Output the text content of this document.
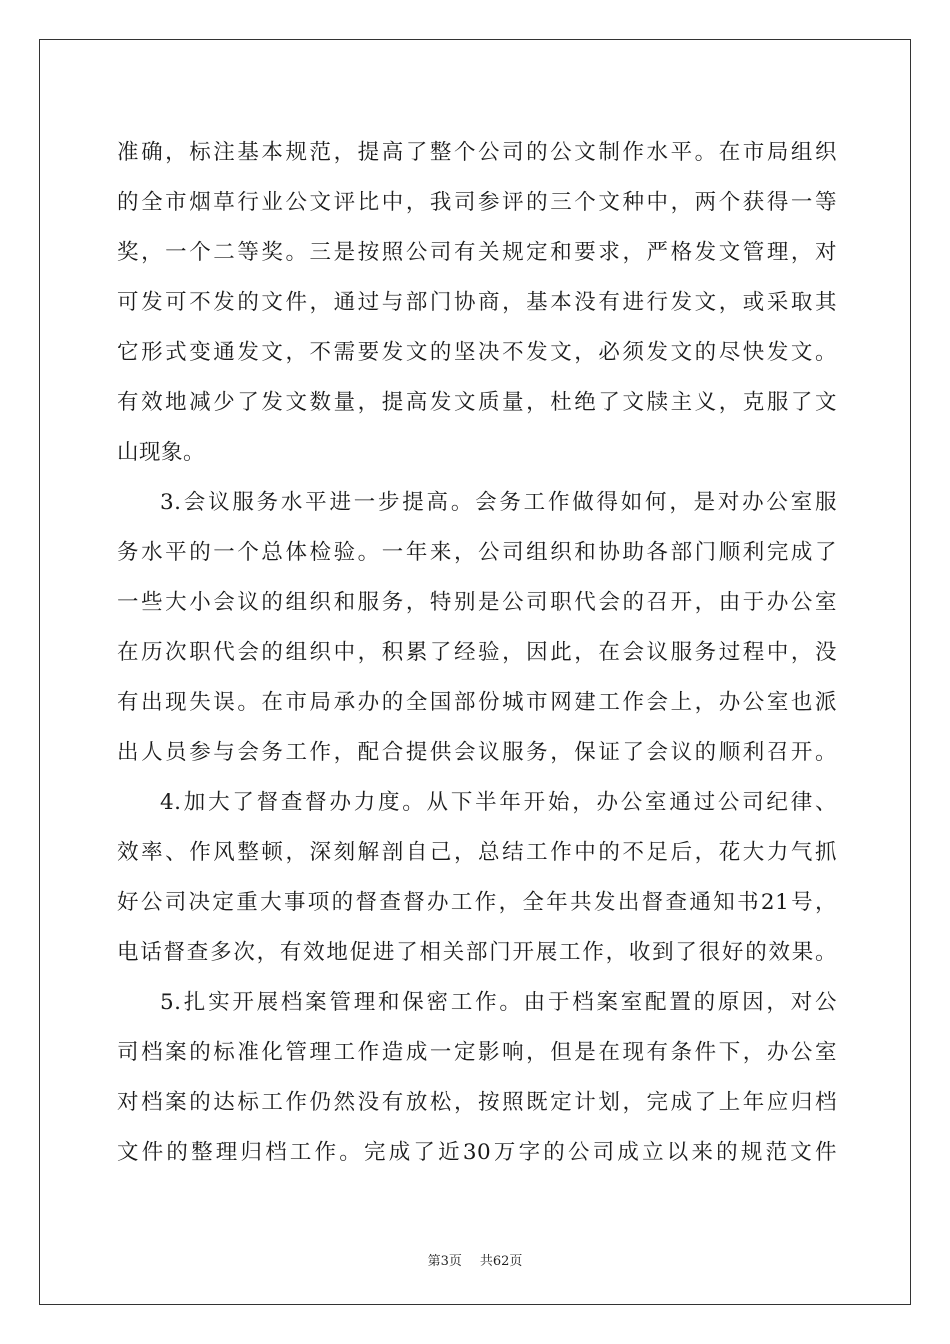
准确，标注基本规范，提高了整个公司的公文制作水平。在市局组织
的全市烟草行业公文评比中，我司参评的三个文种中，两个获得一等
奖，一个二等奖。三是按照公司有关规定和要求，严格发文管理，对
可发可不发的文件，通过与部门协商，基本没有进行发文，或采取其
它形式变通发文，不需要发文的坚决不发文，必须发文的尽快发文。
有效地减少了发文数量，提高发文质量，杜绝了文牍主义，克服了文
山现象。
3.会议服务水平进一步提高。会务工作做得如何，是对办公室服
务水平的一个总体检验。一年来，公司组织和协助各部门顺利完成了
一些大小会议的组织和服务，特别是公司职代会的召开，由于办公室
在历次职代会的组织中，积累了经验，因此，在会议服务过程中，没
有出现失误。在市局承办的全国部份城市网建工作会上，办公室也派
出人员参与会务工作，配合提供会议服务，保证了会议的顺利召开。
4.加大了督查督办力度。从下半年开始，办公室通过公司纪律、
效率、作风整顿，深刻解剖自己，总结工作中的不足后，花大力气抓
好公司决定重大事项的督查督办工作，全年共发出督查通知书21号，
电话督查多次，有效地促进了相关部门开展工作，收到了很好的效果。
5.扎实开展档案管理和保密工作。由于档案室配置的原因，对公
司档案的标准化管理工作造成一定影响，但是在现有条件下，办公室
对档案的达标工作仍然没有放松，按照既定计划，完成了上年应归档
文件的整理归档工作。完成了近30万字的公司成立以来的规范文件
第3页 共62页
